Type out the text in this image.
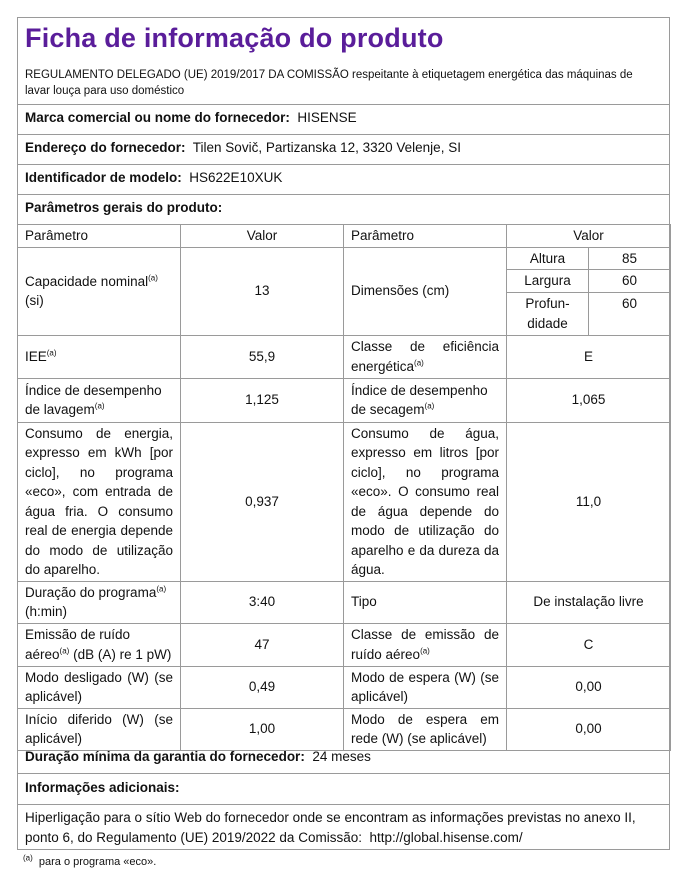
Ficha de informação do produto
REGULAMENTO DELEGADO (UE) 2019/2017 DA COMISSÃO respeitante à etiquetagem energética das máquinas de lavar louça para uso doméstico
Marca comercial ou nome do fornecedor: HISENSE
Endereço do fornecedor: Tilen Sovič, Partizanska 12, 3320 Velenje, SI
Identificador de modelo: HS622E10XUK
Parâmetros gerais do produto:
Parâmetro	Valor	Parâmetro	Valor	
Capacidade nominal$^{(a)}$
(si)	13	Dimensões (cm)	Altura	85
			Largura	60
			Profun-didade	60
IEE$^{(a)}$	55,9	Classe de eficiência energética$^{(a)}$	E	
Índice de desempenho de lavagem$^{(a)}$	1,125	Índice de desempenho de secagem$^{(a)}$	1,065	
Consumo de energia, expresso em kWh [por ciclo], no programa «eco», com entrada de água fria. O consumo real de energia depende do modo de utilização do aparelho.	0,937	Consumo de água, expresso em litros [por ciclo], no programa «eco». O consumo real de água depende do modo de utilização do aparelho e da dureza da água.	11,0	
Duração do programa$^{(a)}$ (h:min)	3:40	Tipo	De instalação livre	
Emissão de ruído aéreo$^{(a)}$ (dB (A) re 1 pW)	47	Classe de emissão de ruído aéreo$^{(a)}$	C	
Modo desligado (W) (se aplicável)	0,49	Modo de espera (W) (se aplicável)	0,00	
Início diferido (W) (se aplicável)	1,00	Modo de espera em rede (W) (se aplicável)	0,00	
Duração mínima da garantia do fornecedor: 24 meses
Informações adicionais:
Hiperligação para o sítio Web do fornecedor onde se encontram as informações previstas no anexo II, ponto 6, do Regulamento (UE) 2019/2022 da Comissão: http://global.hisense.com/
$^{(a)}$ para o programa «eco».
